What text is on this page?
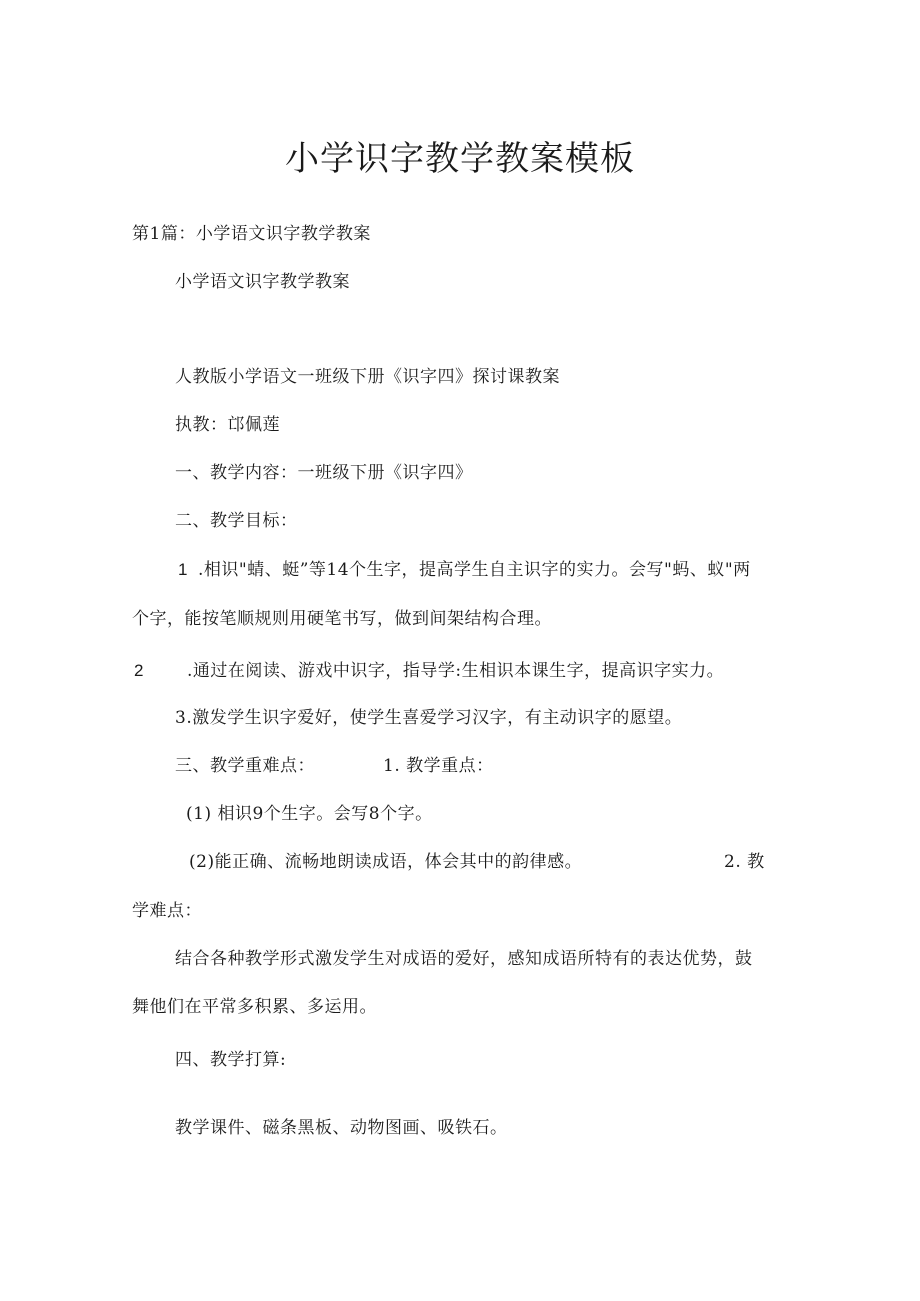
小学识字教学教案模板
第1篇：小学语文识字教学教案
小学语文识字教学教案
人教版小学语文一班级下册《识字四》探讨课教案
执教：邙佩莲
一、教学内容：一班级下册《识字四》
二、教学目标：
1 .相识"蜻、蜓”等14个生字，提高学生自主识字的实力。会写"蚂、蚁"两
个字，能按笔顺规则用硬笔书写，做到间架结构合理。
2	.通过在阅读、游戏中识字，指导学:生相识本课生字，提高识字实力。
3.激发学生识字爱好，使学生喜爱学习汉字，有主动识字的愿望。
三、教学重难点：	1. 教学重点：
(1) 相识9个生字。会写8个字。
(2)能正确、流畅地朗读成语，体会其中的韵律感。	2. 教
学难点：
结合各种教学形式激发学生对成语的爱好，感知成语所特有的表达优势，鼓
舞他们在平常多积累、多运用。
四、教学打算:
教学课件、磁条黑板、动物图画、吸铁石。
